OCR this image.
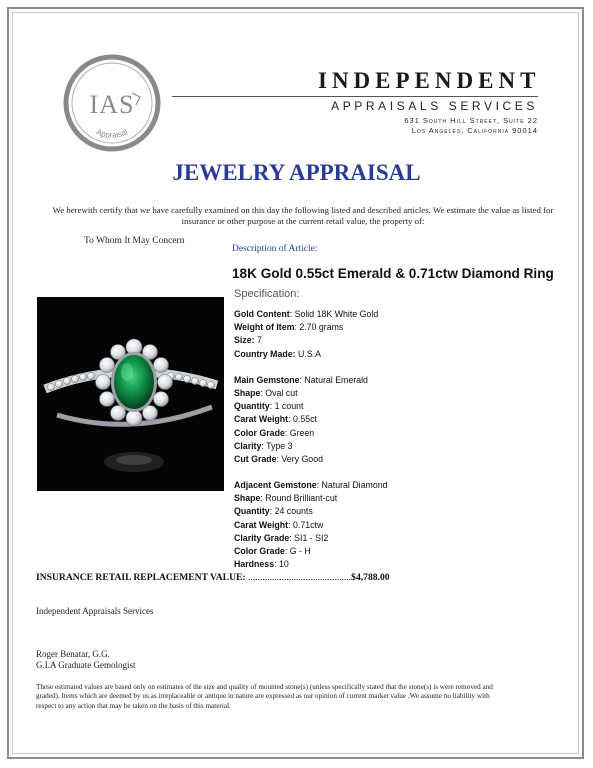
IAS
Appraisal
INDEPENDENT
APPRAISALS SERVICES
631 South Hill Street, Suite 22
Los Angeles, California 90014
JEWELRY APPRAISAL
We herewith certify that we have carefully examined on this day the following listed and described articles. We estimate the value as listed for insurance or other purpose at the current retail value, the property of:
To Whom It May Concern
Description of Article:
18K Gold 0.55ct Emerald & 0.71ctw Diamond Ring
Specification:
Gold Content: Solid 18K White Gold
Weight of Item: 2.70 grams
Size: 7
Country Made: U.S.A
Main Gemstone: Natural Emerald
Shape: Oval cut
Quantity: 1 count
Carat Weight: 0.55ct
Color Grade: Green
Clarity: Type 3
Cut Grade: Very Good
Adjacent Gemstone: Natural Diamond
Shape: Round Brilliant-cut
Quantity: 24 counts
Carat Weight: 0.71ctw
Clarity Grade: SI1 - SI2
Color Grade: G - H
Hardness: 10
INSURANCE RETAIL REPLACEMENT VALUE: ...........................................$4,788.00
Independent Appraisals Services
Roger Benatar, G.G.
G.I.A Graduate Gemologist
These estimated values are based only on estimates of the size and quality of mounted stone(s) (unless specifically stated that the stone(s) is were removed and graded). Items which are deemed by us as irreplaceable or antique in nature are expressed as our opinion of current market value .We assume no liability with respect to any action that may be taken on the basis of this material.
